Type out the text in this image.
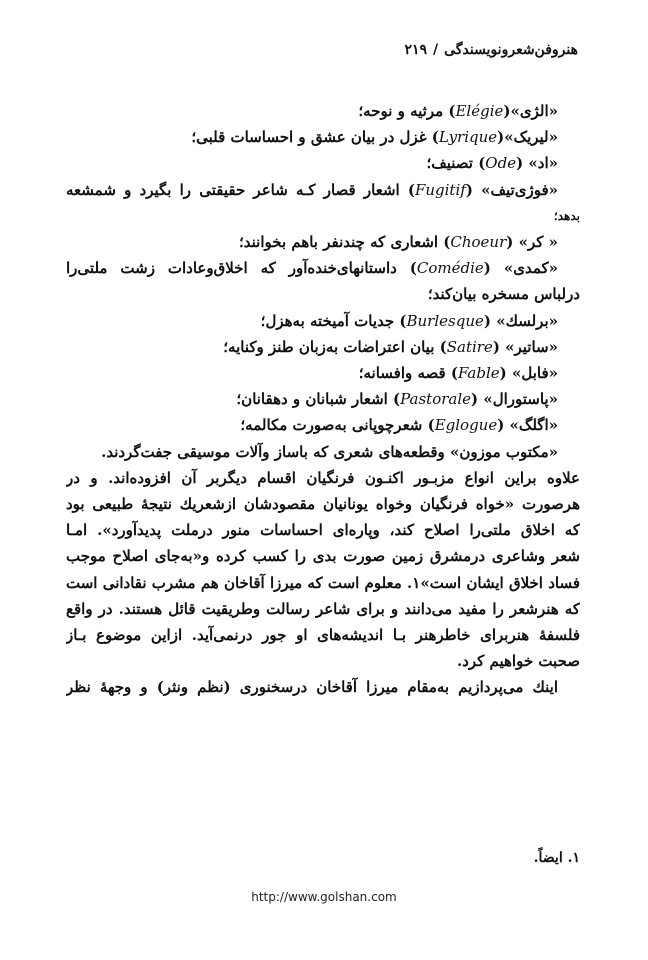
هنروفن‌شعرونویسندگی/۲۱۹
«الژی»(Elégie) مرثیه و نوحه؛
«لیریک»(Lyrique) غزل در بیان عشق و احساسات قلبی؛
«اد» (Ode) تصنیف؛
«فوژی‌تیف» (Fugitif) اشعار قصار کـه شاعر حقیقتی را بگیرد و شمشعه
بدهد؛
« کر» (Choeur) اشعاری که چندنفر باهم بخوانند؛
«کمدی» (Comédie) داستانهای‌خنده‌آور که اخلاق‌وعادات زشت ملتی‌را
درلباس مسخره بیان‌کند؛
«برلسك» (Burlesque) جدیات آمیخته به‌هزل؛
«ساتیر» (Satire) بیان اعتراضات به‌زبان طنز وکنایه؛
«فابل» (Fable) قصه وافسانه؛
«پاستورال» (Pastorale) اشعار شبانان و دهقانان؛
«اگلگ» (Eglogue) شعرچوپانی به‌صورت مکالمه؛
«مکتوب موزون» وقطعه‌های شعری که باساز وآلات موسیقی جفت‌گردند.
علاوه براین انواع مزبـور اکنـون فرنگیان اقسام دیگربر آن افزوده‌اند. و در
هرصورت «خواه فرنگیان وخواه یونانیان مقصودشان ازشعریك نتیجهٔ طبیعی بود
که اخلاق ملتی‌را اصلاح کند، وپاره‌ای احساسات منور درملت پدیدآورد». امـا
شعر وشاعری درمشرق زمین صورت بدی را کسب کرده و«به‌جای اصلاح موجب
فساد اخلاق ایشان است»۱. معلوم است که میرزا آقاخان هم مشرب نقادانی است
که هنرشعر را مفید می‌دانند و برای شاعر رسالت وطریقیت قائل هستند. در واقع
فلسفهٔ هنربرای خاطرهنر بـا اندیشه‌های او جور درنمی‌آید. ازاین موضوع بـاز
صحبت خواهیم کرد.
اینك می‌پردازیم به‌مقام میرزا آقاخان درسخنوری (نظم ونثر) و وجههٔ نظر
۱. ایضاً.
http://www.golshan.com
